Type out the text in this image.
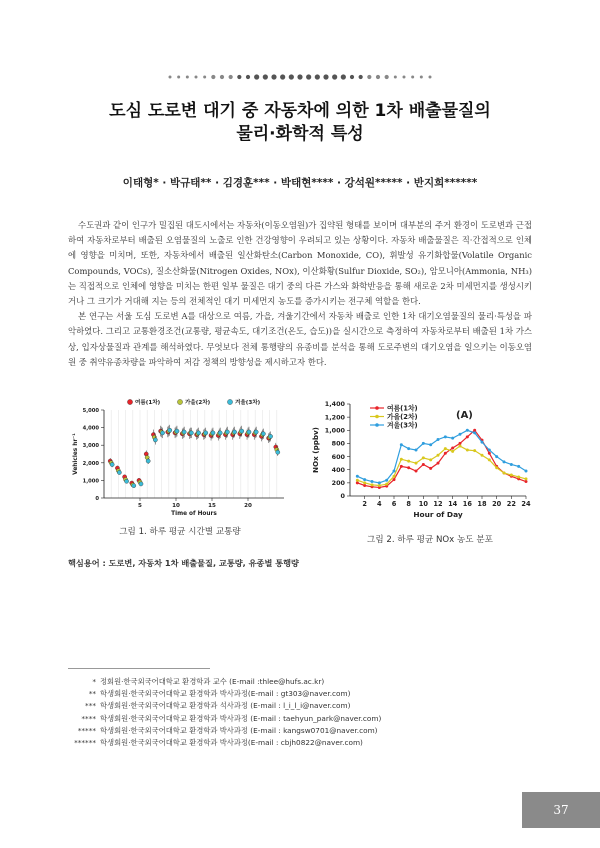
도심 도로변 대기 중 자동차에 의한 1차 배출물질의
물리·화학적 특성
이태형* · 박규태** · 김경훈*** · 박태현**** · 강석원***** · 반지희******

수도권과 같이 인구가 밀집된 대도시에서는 자동차(이동오염원)가 집약된 형태를 보이며 대부분의 주거 환경이 도로변과 근접하여 자동차로부터 배출된 오염물질의 노출로 인한 건강영향이 우려되고 있는 상황이다. 자동차 배출물질은 직·간접적으로 인체에 영향을 미치며, 또한, 자동차에서 배출된 일산화탄소(Carbon Monoxide, CO), 휘발성 유기화합물(Volatile Organic Compounds, VOCs), 질소산화물(Nitrogen Oxides, NOx), 이산화황(Sulfur Dioxide, SO₂), 암모니아(Ammonia, NH₃)는 직접적으로 인체에 영향을 미치는 한편 일부 물질은 대기 중의 다른 가스와 화학반응을 통해 새로운 2차 미세먼지를 생성시키거나 그 크기가 거대해 지는 등의 전체적인 대기 미세먼지 농도를 증가시키는 전구체 역할을 한다.

본 연구는 서울 도심 도로변 A를 대상으로 여름, 가을, 겨울기간에서 자동차 배출로 인한 1차 대기오염물질의 물리·특성을 파악하였다. 그리고 교통환경조건(교통량, 평균속도, 대기조건(온도, 습도))을 실시간으로 측정하여 자동차로부터 배출된 1차 가스상, 입자상물질과 관계를 해석하였다. 무엇보다 전체 통행량의 유종비를 분석을 통해 도로주변의 대기오염을 일으키는 이동오염원 중 취약유종차량을 파악하여 저감 정책의 방향성을 제시하고자 한다.

0
1,000
2,000
3,000
4,000
5,000
5	10	15	20
Time of Hours
Vehicles hr⁻¹
여름(1차)	가을(2차)	겨울(3차)
0
200
400
600
800
1,000
1,200
1,400
2 4 6 8 10 12 14 16 18 20 22 24
Hour of Day
NOx (ppbv)
(A)
여름(1차)
가을(2차)
겨울(3차)
그림 1. 하루 평균 시간별 교통량
그림 2. 하루 평균 NOx 농도 분포
핵심용어 : 도로변, 자동차 1차 배출물질, 교통량, 유종별 통행량
* 정회원·한국외국어대학교 환경학과 교수 (E-mail :thlee@hufs.ac.kr)
** 학생회원·한국외국어대학교 환경학과 박사과정(E-mail : gt303@naver.com)
*** 학생회원·한국외국어대학교 환경학과 석사과정 (E-mail : l_i_l_i@naver.com)
**** 학생회원·한국외국어대학교 환경학과 박사과정 (E-mail : taehyun_park@naver.com)
***** 학생회원·한국외국어대학교 환경학과 박사과정 (E-mail : kangsw0701@naver.com)
****** 학생회원·한국외국어대학교 환경학과 박사과정(E-mail : cbjh0822@naver.com)
37
